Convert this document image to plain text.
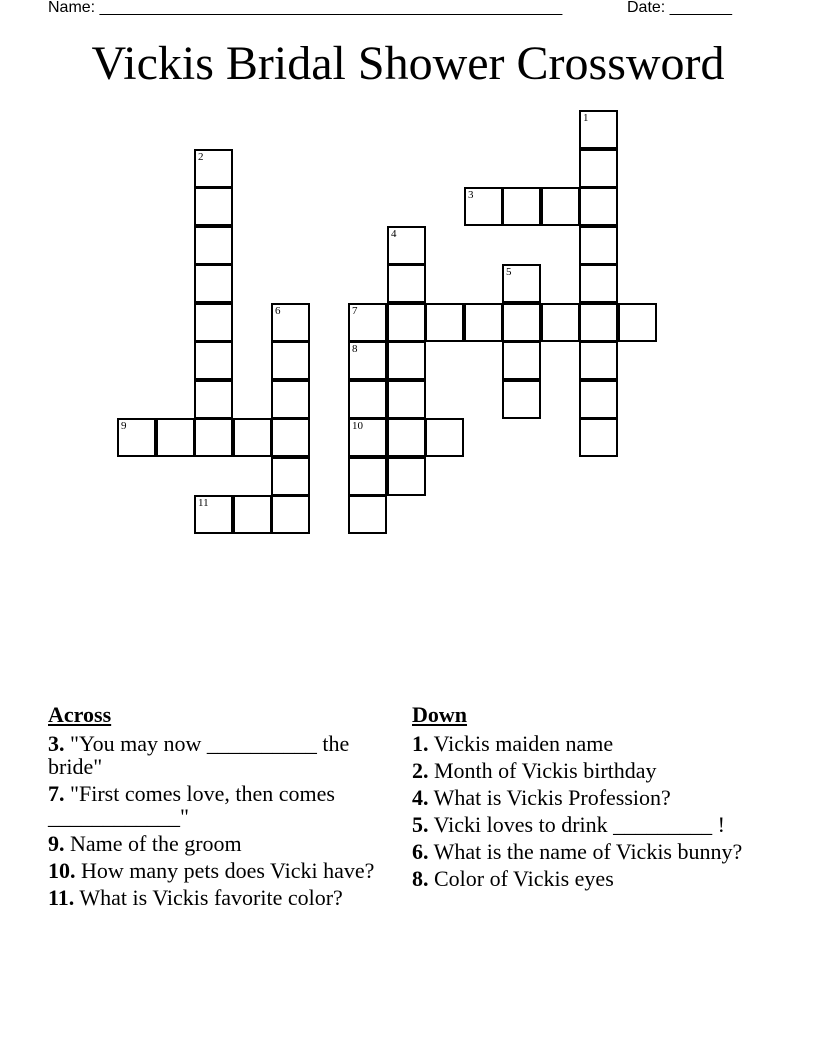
Name: ____________________________________________________	Date: _______
Vickis Bridal Shower Crossword
1
2
3
4
5
6	7
8
10
9
11
Across
3. "You may now __________ the bride"
7. "First comes love, then comes ____________"
9. Name of the groom
10. How many pets does Vicki have?
11. What is Vickis favorite color?
Down
1. Vickis maiden name
2. Month of Vickis birthday
4. What is Vickis Profession?
5. Vicki loves to drink _________ !
6. What is the name of Vickis bunny?
8. Color of Vickis eyes
